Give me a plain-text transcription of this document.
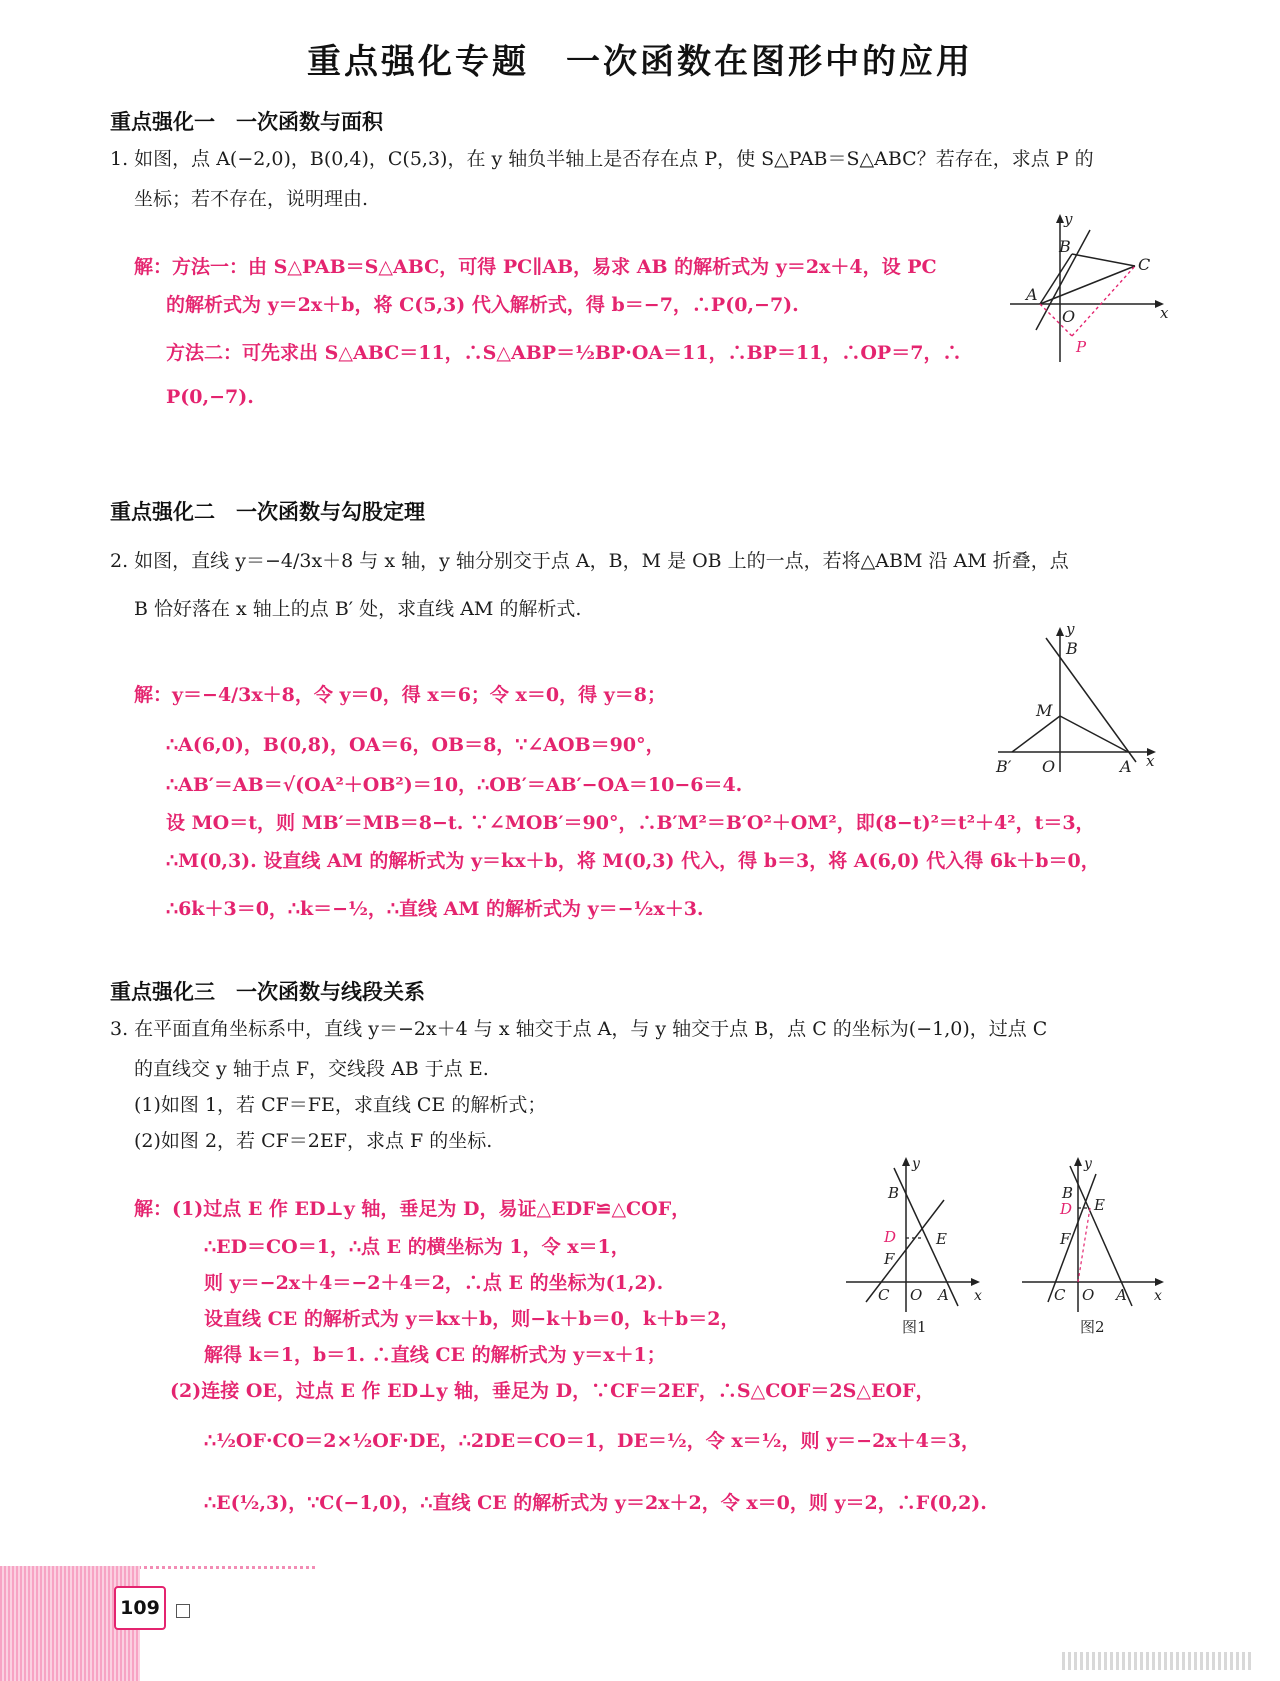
重点强化专题　一次函数在图形中的应用
重点强化一　一次函数与面积
1. 如图，点 A(−2,0)，B(0,4)，C(5,3)，在 y 轴负半轴上是否存在点 P，使 S△PAB＝S△ABC？若存在，求点 P 的
坐标；若不存在，说明理由.
解：方法一：由 S△PAB＝S△ABC，可得 PC∥AB，易求 AB 的解析式为 y＝2x＋4，设 PC
的解析式为 y＝2x＋b，将 C(5,3) 代入解析式，得 b＝−7，∴P(0,−7).
方法二：可先求出 S△ABC＝11，∴S△ABP＝½BP·OA＝11，∴BP＝11，∴OP＝7，∴
P(0,−7).
y
x
B
C
A
O
P
重点强化二　一次函数与勾股定理
2. 如图，直线 y＝−4/3x＋8 与 x 轴，y 轴分别交于点 A，B，M 是 OB 上的一点，若将△ABM 沿 AM 折叠，点
B 恰好落在 x 轴上的点 B′ 处，求直线 AM 的解析式.
解：y＝−4/3x＋8，令 y＝0，得 x＝6；令 x＝0，得 y＝8；
∴A(6,0)，B(0,8)，OA＝6，OB＝8，∵∠AOB＝90°，
∴AB′＝AB＝√(OA²＋OB²)＝10，∴OB′＝AB′−OA＝10−6＝4.
设 MO＝t，则 MB′＝MB＝8−t. ∵∠MOB′＝90°，∴B′M²＝B′O²＋OM²，即(8−t)²＝t²＋4²，t＝3，
∴M(0,3). 设直线 AM 的解析式为 y＝kx＋b，将 M(0,3) 代入，得 b＝3，将 A(6,0) 代入得 6k＋b＝0，
∴6k＋3＝0，∴k＝−½，∴直线 AM 的解析式为 y＝−½x＋3.
y
B
M
B′ O	A x
重点强化三　一次函数与线段关系
3. 在平面直角坐标系中，直线 y＝−2x＋4 与 x 轴交于点 A，与 y 轴交于点 B，点 C 的坐标为(−1,0)，过点 C
的直线交 y 轴于点 F，交线段 AB 于点 E.
(1)如图 1，若 CF＝FE，求直线 CE 的解析式；
(2)如图 2，若 CF＝2EF，求点 F 的坐标.
解：(1)过点 E 作 ED⊥y 轴，垂足为 D，易证△EDF≌△COF，
∴ED＝CO＝1，∴点 E 的横坐标为 1，令 x＝1，
则 y＝−2x＋4＝−2＋4＝2，∴点 E 的坐标为(1,2).
设直线 CE 的解析式为 y＝kx＋b，则−k＋b＝0，k＋b＝2，
解得 k＝1，b＝1. ∴直线 CE 的解析式为 y＝x＋1；
(2)连接 OE，过点 E 作 ED⊥y 轴，垂足为 D，∵CF＝2EF，∴S△COF＝2S△EOF，
∴½OF·CO＝2×½OF·DE，∴2DE＝CO＝1，DE＝½，令 x＝½，则 y＝−2x＋4＝3，
∴E(½,3)，∵C(−1,0)，∴直线 CE 的解析式为 y＝2x＋2，令 x＝0，则 y＝2，∴F(0,2).
y
B
D	E
F
C O A x
图1
y
B
D E
F
C O A x
图2
109
